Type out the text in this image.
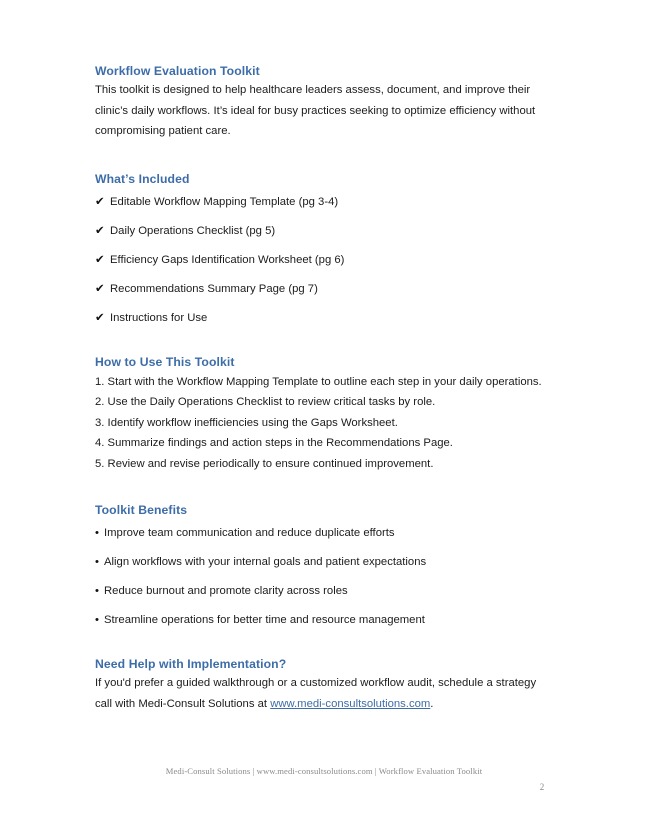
Workflow Evaluation Toolkit

This toolkit is designed to help healthcare leaders assess, document, and improve their clinic’s daily workflows. It’s ideal for busy practices seeking to optimize efficiency without compromising patient care.

What’s Included
✔ Editable Workflow Mapping Template (pg 3-4)
✔ Daily Operations Checklist (pg 5)
✔ Efficiency Gaps Identification Worksheet (pg 6)
✔ Recommendations Summary Page (pg 7)
✔ Instructions for Use
How to Use This Toolkit
1. Start with the Workflow Mapping Template to outline each step in your daily operations.
2. Use the Daily Operations Checklist to review critical tasks by role.
3. Identify workflow inefficiencies using the Gaps Worksheet.
4. Summarize findings and action steps in the Recommendations Page.
5. Review and revise periodically to ensure continued improvement.
Toolkit Benefits
• Improve team communication and reduce duplicate efforts
• Align workflows with your internal goals and patient expectations
• Reduce burnout and promote clarity across roles
• Streamline operations for better time and resource management
Need Help with Implementation?

If you'd prefer a guided walkthrough or a customized workflow audit, schedule a strategy call with Medi-Consult Solutions at www.medi-consultsolutions.com.

Medi-Consult Solutions | www.medi-consultsolutions.com | Workflow Evaluation Toolkit
2
